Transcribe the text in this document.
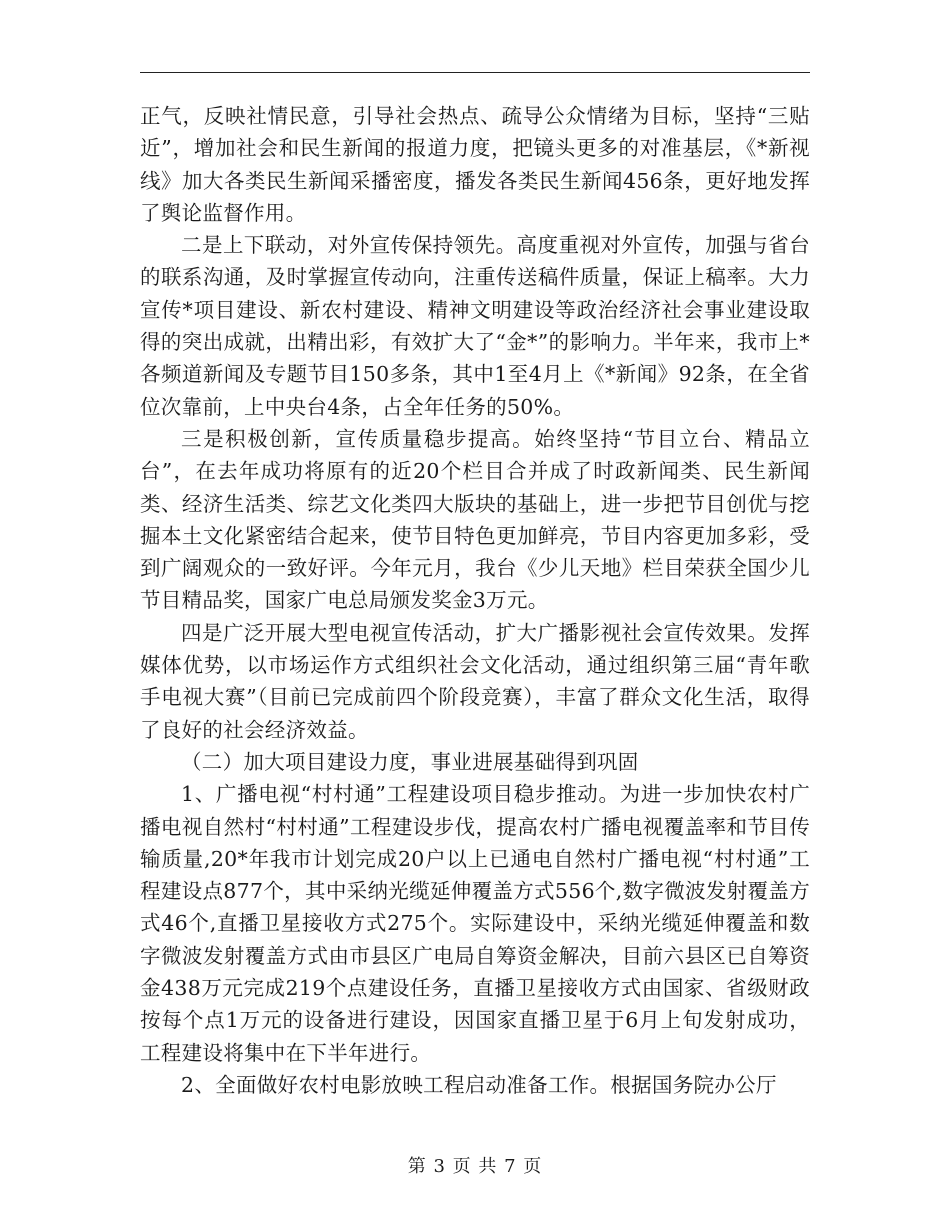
正气，反映社情民意，引导社会热点、疏导公众情绪为目标，坚持“三贴近”，增加社会和民生新闻的报道力度，把镜头更多的对准基层，《*新视线》加大各类民生新闻采播密度，播发各类民生新闻456条，更好地发挥了舆论监督作用。

二是上下联动，对外宣传保持领先。高度重视对外宣传，加强与省台的联系沟通，及时掌握宣传动向，注重传送稿件质量，保证上稿率。大力宣传*项目建设、新农村建设、精神文明建设等政治经济社会事业建设取得的突出成就，出精出彩，有效扩大了“金*”的影响力。半年来，我市上*各频道新闻及专题节目150多条，其中1至4月上《*新闻》92条，在全省位次靠前，上中央台4条，占全年任务的50%。

三是积极创新，宣传质量稳步提高。始终坚持“节目立台、精品立台”，在去年成功将原有的近20个栏目合并成了时政新闻类、民生新闻类、经济生活类、综艺文化类四大版块的基础上，进一步把节目创优与挖掘本土文化紧密结合起来，使节目特色更加鲜亮，节目内容更加多彩，受到广阔观众的一致好评。今年元月，我台《少儿天地》栏目荣获全国少儿节目精品奖，国家广电总局颁发奖金3万元。

四是广泛开展大型电视宣传活动，扩大广播影视社会宣传效果。发挥媒体优势，以市场运作方式组织社会文化活动，通过组织第三届“青年歌手电视大赛”（目前已完成前四个阶段竞赛），丰富了群众文化生活，取得了良好的社会经济效益。

（二）加大项目建设力度，事业进展基础得到巩固

1、广播电视“村村通”工程建设项目稳步推动。为进一步加快农村广播电视自然村“村村通”工程建设步伐，提高农村广播电视覆盖率和节目传输质量,20*年我市计划完成20户以上已通电自然村广播电视“村村通”工程建设点877个，其中采纳光缆延伸覆盖方式556个,数字微波发射覆盖方式46个,直播卫星接收方式275个。实际建设中，采纳光缆延伸覆盖和数字微波发射覆盖方式由市县区广电局自筹资金解决，目前六县区已自筹资金438万元完成219个点建设任务，直播卫星接收方式由国家、省级财政按每个点1万元的设备进行建设，因国家直播卫星于6月上旬发射成功，工程建设将集中在下半年进行。

2、全面做好农村电影放映工程启动准备工作。根据国务院办公厅

第 3 页 共 7 页
